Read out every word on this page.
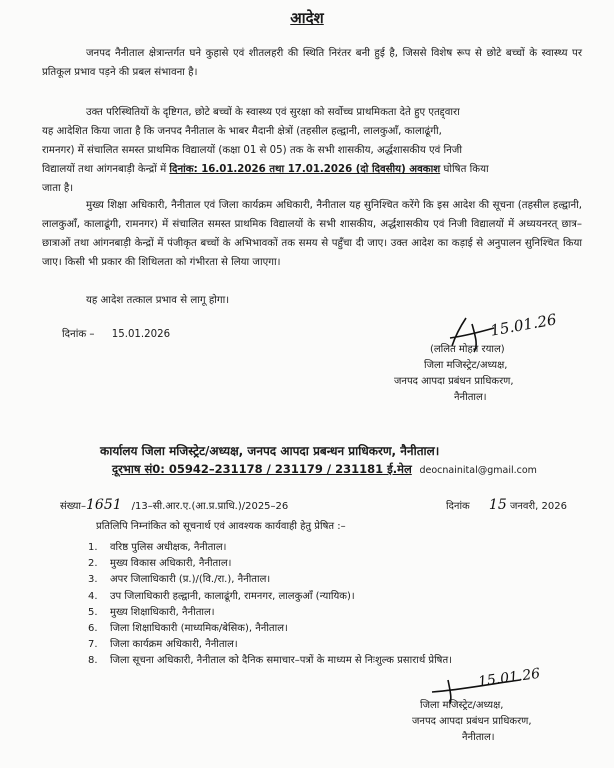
आदेश
जनपद नैनीताल क्षेत्रान्तर्गत घने कुहासे एवं शीतलहरी की स्थिति निरंतर बनी हुई है, जिससे विशेष रूप से छोटे बच्चों के स्वास्थ्य पर प्रतिकूल प्रभाव पड़ने की प्रबल संभावना है।
उक्त परिस्थितियों के दृष्टिगत, छोटे बच्चों के स्वास्थ्य एवं सुरक्षा को सर्वोच्च प्राथमिकता देते हुए एतद्द्वारा
यह आदेशित किया जाता है कि जनपद नैनीताल के भाबर मैदानी क्षेत्रों (तहसील हल्द्वानी, लालकुआँ, कालाढूंगी,
रामनगर) में संचालित समस्त प्राथमिक विद्यालयों (कक्षा 01 से 05) तक के सभी शासकीय, अर्द्धशासकीय एवं निजी
विद्यालयों तथा आंगनबाड़ी केन्द्रों में दिनांक: 16.01.2026 तथा 17.01.2026 (दो दिवसीय) अवकाश घोषित किया
जाता है।
मुख्य शिक्षा अधिकारी, नैनीताल एवं जिला कार्यक्रम अधिकारी, नैनीताल यह सुनिश्चित करेंगे कि इस आदेश की सूचना (तहसील हल्द्वानी, लालकुआँ, कालाढूंगी, रामनगर) में संचालित समस्त प्राथमिक विद्यालयों के सभी शासकीय, अर्द्धशासकीय एवं निजी विद्यालयों में अध्ययनरत् छात्र–छात्राओं तथा आंगनबाड़ी केन्द्रों में पंजीकृत बच्चों के अभिभावकों तक समय से पहुँचा दी जाए। उक्त आदेश का कड़ाई से अनुपालन सुनिश्चित किया जाए। किसी भी प्रकार की शिथिलता को गंभीरता से लिया जाएगा।
यह आदेश तत्काल प्रभाव से लागू होगा।
दिनांक – 15.01.2026	15.01.26
(ललित मोहन रयाल)
जिला मजिस्ट्रेट/अध्यक्ष,
जनपद आपदा प्रबंधन प्राधिकरण,
नैनीताल।
कार्यालय जिला मजिस्ट्रेट/अध्यक्ष, जनपद आपदा प्रबन्धन प्राधिकरण, नैनीताल।
दूरभाष सं0: 05942–231178 / 231179 / 231181 ई.मेल deocnainital@gmail.com
संख्या–1651 /13–सी.आर.ए.(आ.प्र.प्राधि.)/2025–26	दिनांक 15 जनवरी, 2026
प्रतिलिपि निम्नांकित को सूचनार्थ एवं आवश्यक कार्यवाही हेतु प्रेषित :–
1. वरिष्ठ पुलिस अधीक्षक, नैनीताल।
2. मुख्य विकास अधिकारी, नैनीताल।
3. अपर जिलाधिकारी (प्र.)/(वि./रा.), नैनीताल।
4. उप जिलाधिकारी हल्द्वानी, कालाढूंगी, रामनगर, लालकुआँ (न्यायिक)।
5. मुख्य शिक्षाधिकारी, नैनीताल।
6. जिला शिक्षाधिकारी (माध्यमिक/बेसिक), नैनीताल।
7. जिला कार्यक्रम अधिकारी, नैनीताल।
8. जिला सूचना अधिकारी, नैनीताल को दैनिक समाचार–पत्रों के माध्यम से निःशुल्क प्रसारार्थ प्रेषित।
15.01.26
जिला मजिस्ट्रेट/अध्यक्ष,
जनपद आपदा प्रबंधन प्राधिकरण,
नैनीताल।
